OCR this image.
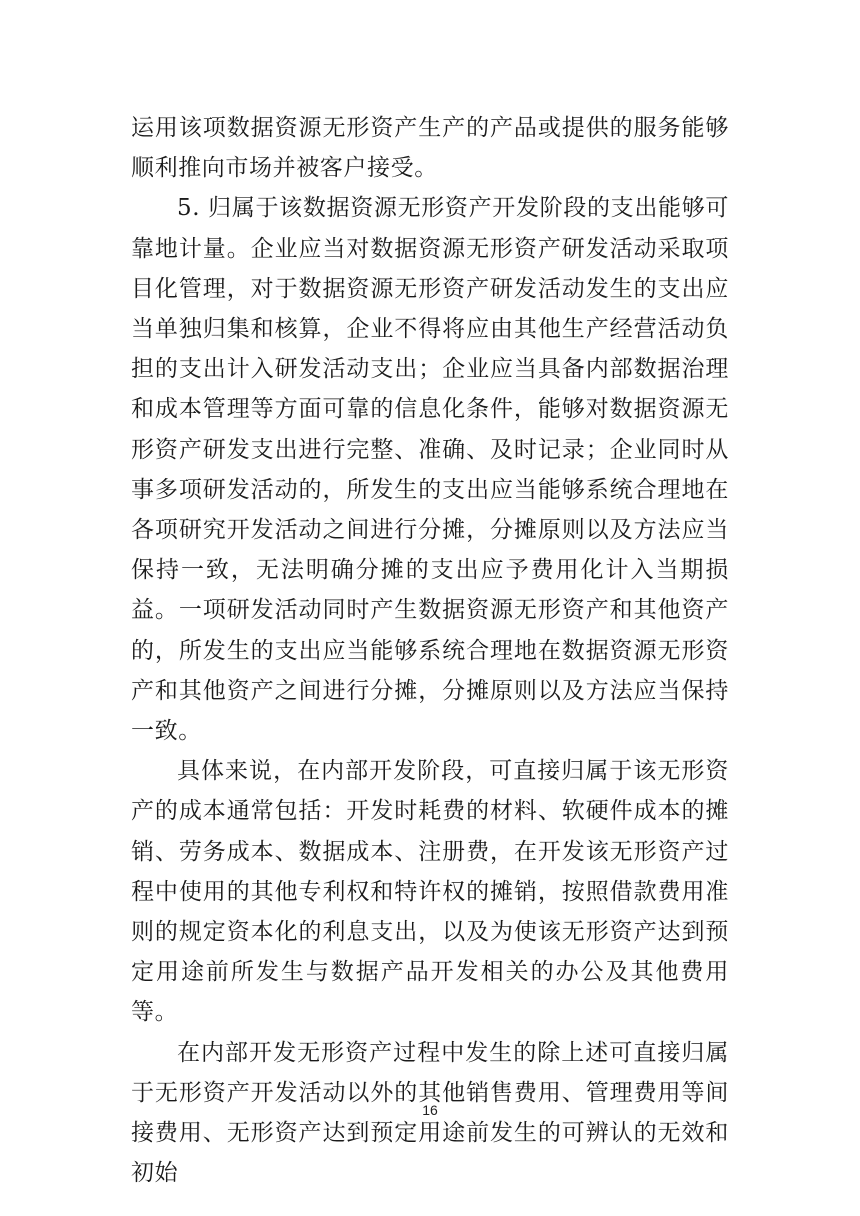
运用该项数据资源无形资产生产的产品或提供的服务能够顺利推向市场并被客户接受。

5. 归属于该数据资源无形资产开发阶段的支出能够可靠地计量。企业应当对数据资源无形资产研发活动采取项目化管理，对于数据资源无形资产研发活动发生的支出应当单独归集和核算，企业不得将应由其他生产经营活动负担的支出计入研发活动支出；企业应当具备内部数据治理和成本管理等方面可靠的信息化条件，能够对数据资源无形资产研发支出进行完整、准确、及时记录；企业同时从事多项研发活动的，所发生的支出应当能够系统合理地在各项研究开发活动之间进行分摊，分摊原则以及方法应当保持一致，无法明确分摊的支出应予费用化计入当期损益。一项研发活动同时产生数据资源无形资产和其他资产的，所发生的支出应当能够系统合理地在数据资源无形资产和其他资产之间进行分摊，分摊原则以及方法应当保持一致。

具体来说，在内部开发阶段，可直接归属于该无形资产的成本通常包括：开发时耗费的材料、软硬件成本的摊销、劳务成本、数据成本、注册费，在开发该无形资产过程中使用的其他专利权和特许权的摊销，按照借款费用准则的规定资本化的利息支出，以及为使该无形资产达到预定用途前所发生与数据产品开发相关的办公及其他费用等。

在内部开发无形资产过程中发生的除上述可直接归属于无形资产开发活动以外的其他销售费用、管理费用等间接费用、无形资产达到预定用途前发生的可辨认的无效和初始

16
